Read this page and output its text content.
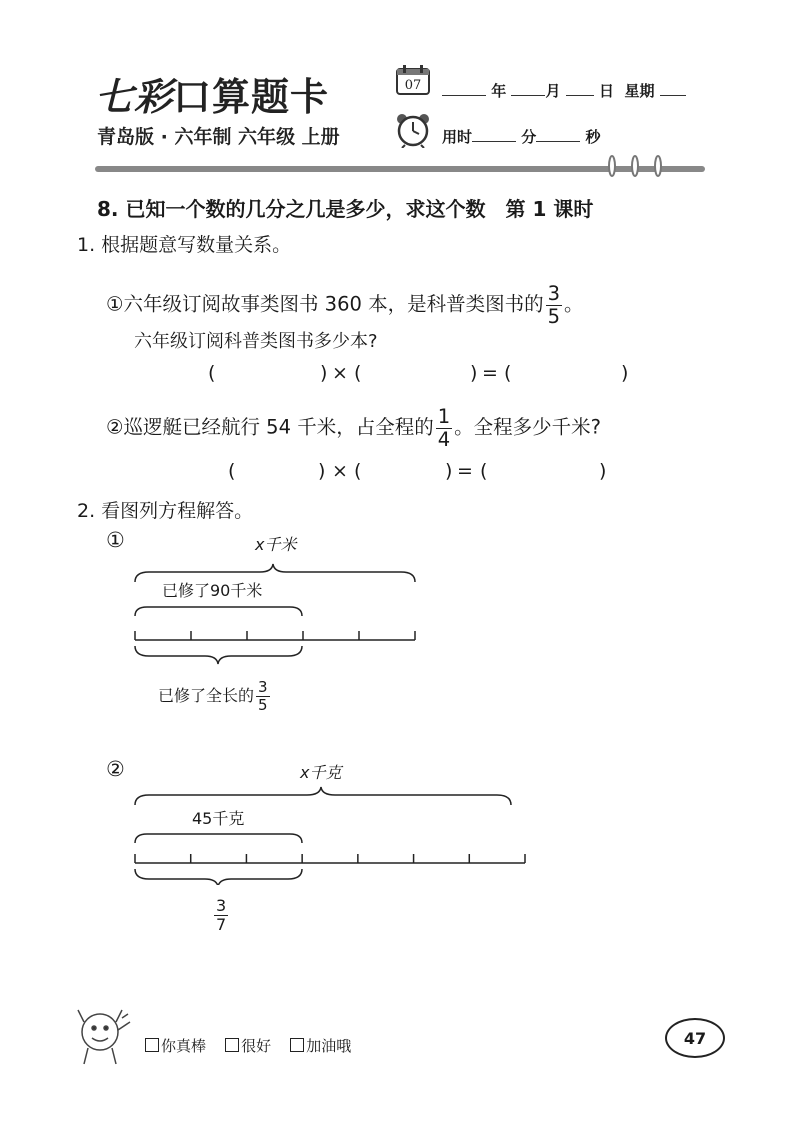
七彩口算题卡
青岛版 · 六年制 六年级 上册
07	年	月	日 星期
用时	分	秒
8. 已知一个数的几分之几是多少，求这个数 第 1 课时
1. 根据题意写数量关系。
①六年级订阅故事类图书 360 本，是科普类图书的 $\frac{3}{5}$ 。
六年级订阅科普类图书多少本?
(	) × (	) = (	)
②巡逻艇已经航行 54 千米，占全程的 $\frac{1}{4}$ 。全程多少千米?
(	) × (	) = (	)
2. 看图列方程解答。
①	x千米
已修了90千米
已修了全长的 $\frac{3}{5}$
②	x千克
45千克
$\frac{3}{7}$
你真棒 很好 加油哦	47
